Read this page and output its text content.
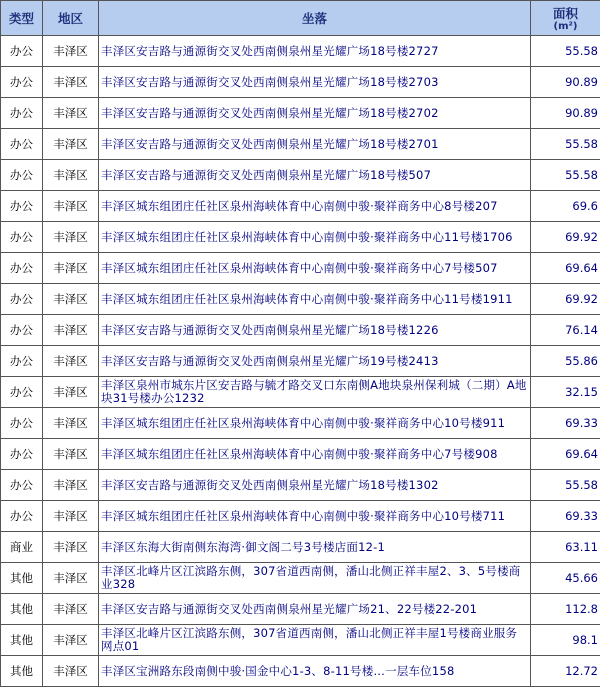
类型	地区	坐落	面积
(m²)

办公	丰泽区	丰泽区安吉路与通源街交叉处西南侧泉州星光耀广场18号楼2727	55.58
办公	丰泽区	丰泽区安吉路与通源街交叉处西南侧泉州星光耀广场18号楼2703	90.89
办公	丰泽区	丰泽区安吉路与通源街交叉处西南侧泉州星光耀广场18号楼2702	90.89
办公	丰泽区	丰泽区安吉路与通源街交叉处西南侧泉州星光耀广场18号楼2701	55.58
办公	丰泽区	丰泽区安吉路与通源街交叉处西南侧泉州星光耀广场18号楼507	55.58
办公	丰泽区	丰泽区城东组团庄任社区泉州海峡体育中心南侧中骏·聚祥商务中心8号楼207	69.6
办公	丰泽区	丰泽区城东组团庄任社区泉州海峡体育中心南侧中骏·聚祥商务中心11号楼1706	69.92
办公	丰泽区	丰泽区城东组团庄任社区泉州海峡体育中心南侧中骏·聚祥商务中心7号楼507	69.64
办公	丰泽区	丰泽区城东组团庄任社区泉州海峡体育中心南侧中骏·聚祥商务中心11号楼1911	69.92
办公	丰泽区	丰泽区安吉路与通源街交叉处西南侧泉州星光耀广场18号楼1226	76.14
办公	丰泽区	丰泽区安吉路与通源街交叉处西南侧泉州星光耀广场19号楼2413	55.86
办公	丰泽区	丰泽区泉州市城东片区安吉路与毓才路交叉口东南侧A地块泉州保利城（二期）A地块31号楼办公1232	32.15
办公	丰泽区	丰泽区城东组团庄任社区泉州海峡体育中心南侧中骏·聚祥商务中心10号楼911	69.33
办公	丰泽区	丰泽区城东组团庄任社区泉州海峡体育中心南侧中骏·聚祥商务中心7号楼908	69.64
办公	丰泽区	丰泽区安吉路与通源街交叉处西南侧泉州星光耀广场18号楼1302	55.58
办公	丰泽区	丰泽区城东组团庄任社区泉州海峡体育中心南侧中骏·聚祥商务中心10号楼711	69.33
商业	丰泽区	丰泽区东海大街南侧东海湾·御文阁二号3号楼店面12-1	63.11
其他	丰泽区	丰泽区北峰片区江滨路东侧，307省道西南侧，潘山北侧正祥丰屋2、3、5号楼商业328	45.66
其他	丰泽区	丰泽区安吉路与通源街交叉处西南侧泉州星光耀广场21、22号楼22-201	112.8
其他	丰泽区	丰泽区北峰片区江滨路东侧，307省道西南侧，潘山北侧正祥丰屋1号楼商业服务网点01	98.1
其他	丰泽区	丰泽区宝洲路东段南侧中骏·国金中心1-3、8-11号楼…一层车位158	12.72
